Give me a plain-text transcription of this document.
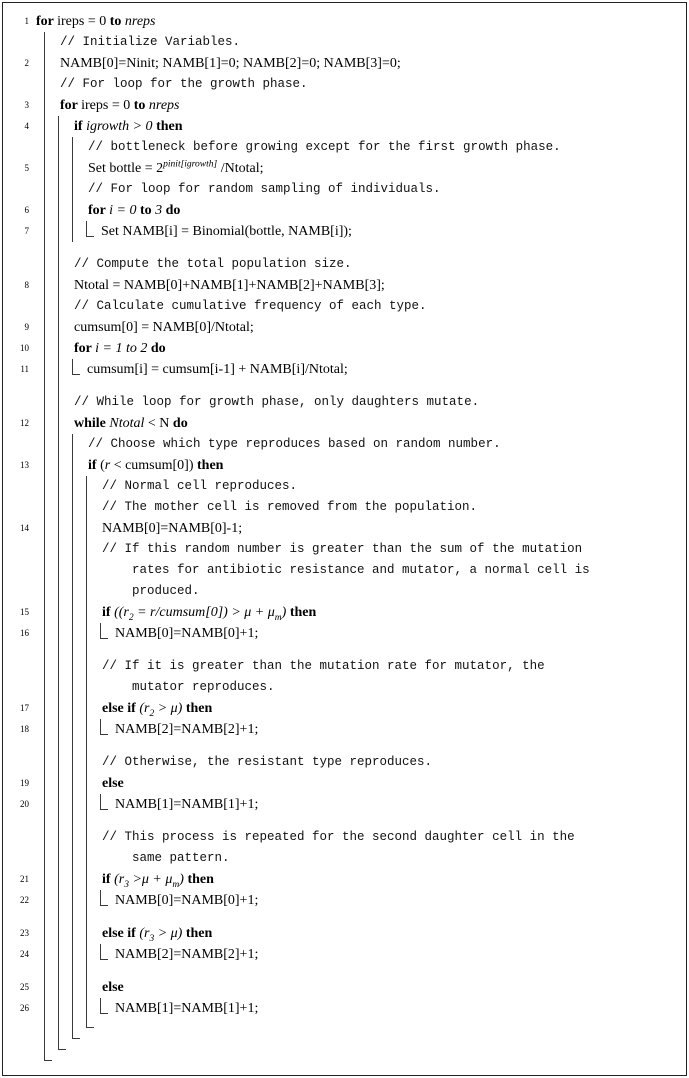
1 for ireps = 0 to nreps
// Initialize Variables.
2	NAMB[0]=Ninit; NAMB[1]=0; NAMB[2]=0; NAMB[3]=0;
// For loop for the growth phase.
3	for ireps = 0 to nreps
4	if igrowth > 0 then
// bottleneck before growing except for the first growth phase.
5	Set bottle = $2^{pinit[igrowth]}$ /Ntotal;
// For loop for random sampling of individuals.
6	for i = 0 to 3 do
7	Set NAMB[i] = Binomial(bottle, NAMB[i]);
// Compute the total population size.
8	Ntotal = NAMB[0]+NAMB[1]+NAMB[2]+NAMB[3];
// Calculate cumulative frequency of each type.
9	cumsum[0] = NAMB[0]/Ntotal;
10	for i = 1 to 2 do
11	cumsum[i] = cumsum[i-1] + NAMB[i]/Ntotal;
// While loop for growth phase, only daughters mutate.
12	while Ntotal < N do
// Choose which type reproduces based on random number.
13	if (r < cumsum[0]) then
// Normal cell reproduces.
// The mother cell is removed from the population.
14	NAMB[0]=NAMB[0]-1;
// If this random number is greater than the sum of the mutation
rates for antibiotic resistance and mutator, a normal cell is
produced.
15	if (($r_2$ = r/cumsum[0]) > $\mu + \mu_m$) then
16	NAMB[0]=NAMB[0]+1;
// If it is greater than the mutation rate for mutator, the
mutator reproduces.
17	else if $(r_2 > \mu)$ then
18	NAMB[2]=NAMB[2]+1;
// Otherwise, the resistant type reproduces.
19	else
20	NAMB[1]=NAMB[1]+1;
// This process is repeated for the second daughter cell in the
same pattern.
21	if $(r_3 >\mu + \mu_m)$ then
22	NAMB[0]=NAMB[0]+1;
23	else if $(r_3 > \mu)$ then
24	NAMB[2]=NAMB[2]+1;
25	else
26	NAMB[1]=NAMB[1]+1;
